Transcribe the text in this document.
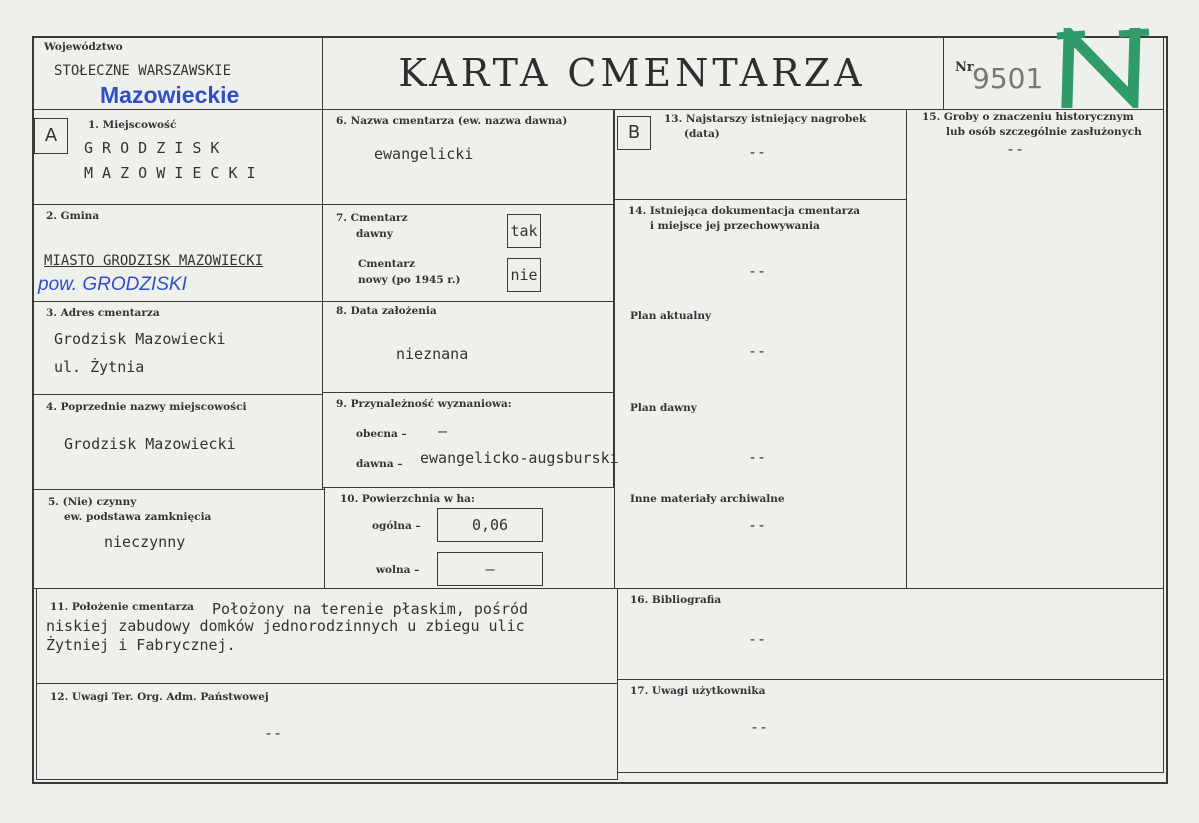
Województwo
STOŁECZNE WARSZAWSKIE
Mazowieckie	KARTA CMENTARZA	Nr
9501
A	1. Miejscowość
G R O D Z I S K
M A Z O W I E C K I
2. Gmina
MIASTO GRODZISK MAZOWIECKI
pow. GRODZISKI
3. Adres cmentarza
Grodzisk Mazowiecki
ul. Żytnia
4. Poprzednie nazwy miejscowości
Grodzisk Mazowiecki
5. (Nie) czynny
ew. podstawa zamknięcia
nieczynny
6. Nazwa cmentarza (ew. nazwa dawna)
ewangelicki
7. Cmentarz
dawny	tak
Cmentarz
nowy (po 1945 r.)	nie
8. Data założenia
nieznana
9. Przynależność wyznaniowa:
obecna – –
dawna – ewangelicko-augsburski
10. Powierzchnia w ha:
ogólna –	0,06
wolna –	–
B
13. Najstarszy istniejący nagrobek
(data)
--
14. Istniejąca dokumentacja cmentarza
i miejsce jej przechowywania
--
Plan aktualny
--
Plan dawny
--
Inne materiały archiwalne
--
15. Groby o znaczeniu historycznym
lub osób szczególnie zasłużonych
--
11. Położenie cmentarza Położony na terenie płaskim, pośród
niskiej zabudowy domków jednorodzinnych u zbiegu ulic
Żytniej i Fabrycznej.
16. Bibliografia
--
12. Uwagi Ter. Org. Adm. Państwowej
--
17. Uwagi użytkownika
--
